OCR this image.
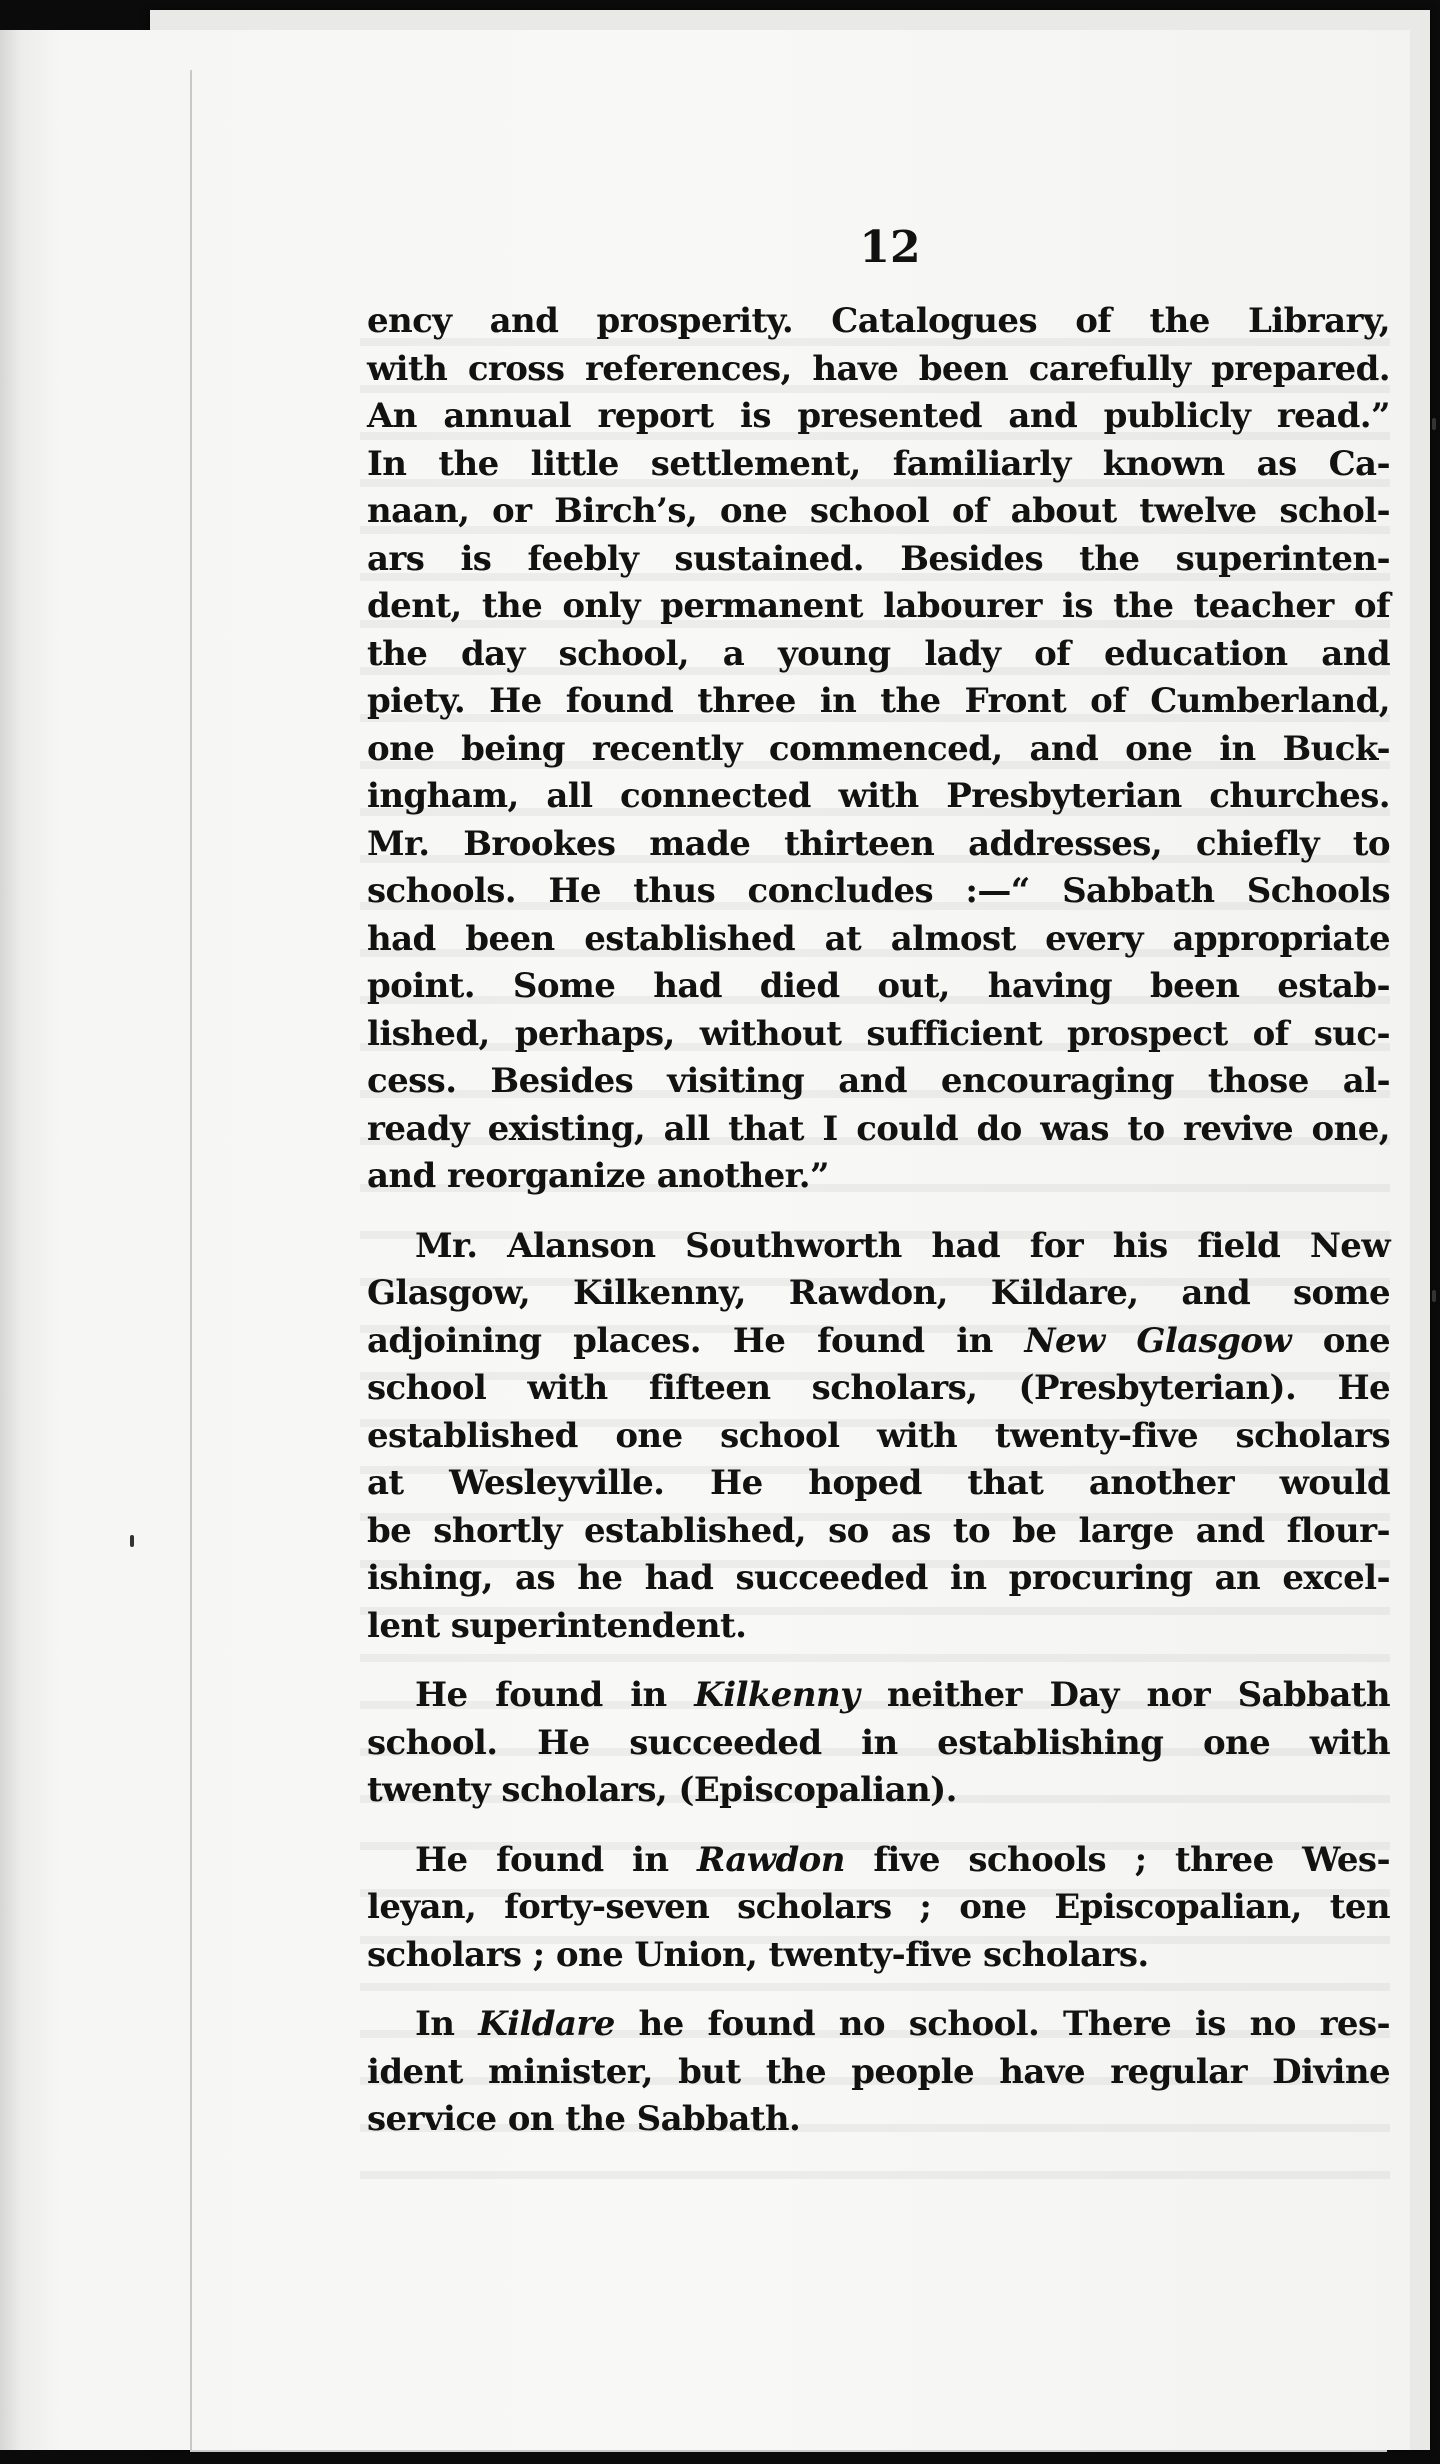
12
ency and prosperity. Catalogues of the Library,
with cross references, have been carefully prepared.
An annual report is presented and publicly read.”
In the little settlement, familiarly known as Ca-
naan, or Birch’s, one school of about twelve schol-
ars is feebly sustained. Besides the superinten-
dent, the only permanent labourer is the teacher of
the day school, a young lady of education and
piety. He found three in the Front of Cumberland,
one being recently commenced, and one in Buck-
ingham, all connected with Presbyterian churches.
Mr. Brookes made thirteen addresses, chiefly to
schools. He thus concludes :—“ Sabbath Schools
had been established at almost every appropriate
point. Some had died out, having been estab-
lished, perhaps, without sufficient prospect of suc-
cess. Besides visiting and encouraging those al-
ready existing, all that I could do was to revive one,
and reorganize another.”
Mr. Alanson Southworth had for his field New
Glasgow, Kilkenny, Rawdon, Kildare, and some
adjoining places. He found in New Glasgow one
school with fifteen scholars, (Presbyterian). He
established one school with twenty-five scholars
at Wesleyville. He hoped that another would
be shortly established, so as to be large and flour-
ishing, as he had succeeded in procuring an excel-
lent superintendent.
He found in Kilkenny neither Day nor Sabbath
school. He succeeded in establishing one with
twenty scholars, (Episcopalian).
He found in Rawdon five schools ; three Wes-
leyan, forty-seven scholars ; one Episcopalian, ten
scholars ; one Union, twenty-five scholars.
In Kildare he found no school. There is no res-
ident minister, but the people have regular Divine
service on the Sabbath.
